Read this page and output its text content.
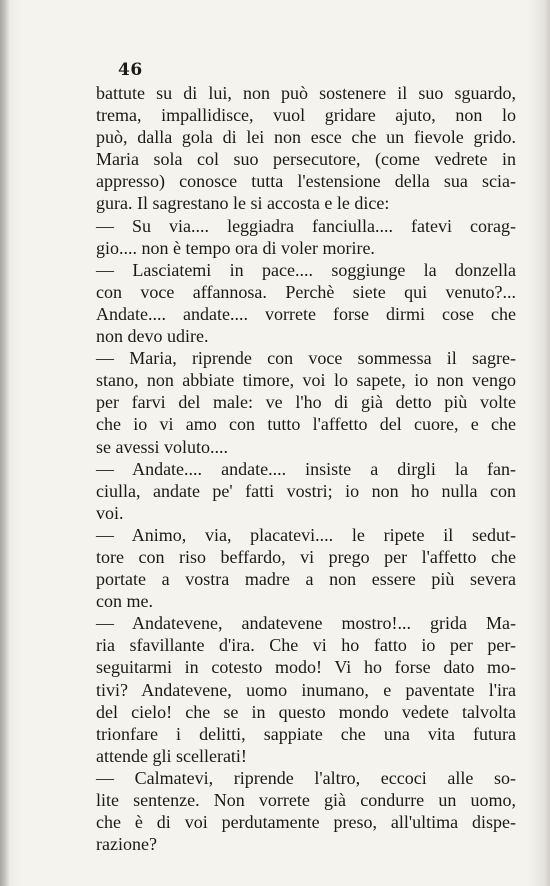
46
battute su di lui, non può sostenere il suo sguardo,
trema, impallidisce, vuol gridare ajuto, non lo
può, dalla gola di lei non esce che un fievole grido.
Maria sola col suo persecutore, (come vedrete in
appresso) conosce tutta l'estensione della sua scia-
gura. Il sagrestano le si accosta e le dice:
— Su via.... leggiadra fanciulla.... fatevi corag-
gio.... non è tempo ora di voler morire.
— Lasciatemi in pace.... soggiunge la donzella
con voce affannosa. Perchè siete qui venuto?...
Andate.... andate.... vorrete forse dirmi cose che
non devo udire.
— Maria, riprende con voce sommessa il sagre-
stano, non abbiate timore, voi lo sapete, io non vengo
per farvi del male: ve l'ho di già detto più volte
che io vi amo con tutto l'affetto del cuore, e che
se avessi voluto....
— Andate.... andate.... insiste a dirgli la fan-
ciulla, andate pe' fatti vostri; io non ho nulla con
voi.
— Animo, via, placatevi.... le ripete il sedut-
tore con riso beffardo, vi prego per l'affetto che
portate a vostra madre a non essere più severa
con me.
— Andatevene, andatevene mostro!... grida Ma-
ria sfavillante d'ira. Che vi ho fatto io per per-
seguitarmi in cotesto modo! Vi ho forse dato mo-
tivi? Andatevene, uomo inumano, e paventate l'ira
del cielo! che se in questo mondo vedete talvolta
trionfare i delitti, sappiate che una vita futura
attende gli scellerati!
— Calmatevi, riprende l'altro, eccoci alle so-
lite sentenze. Non vorrete già condurre un uomo,
che è di voi perdutamente preso, all'ultima dispe-
razione?
